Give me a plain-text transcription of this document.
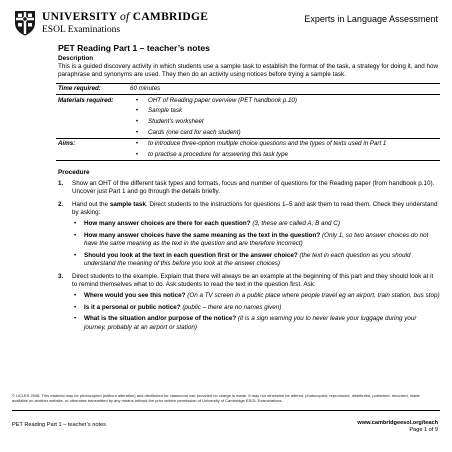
UNIVERSITY of CAMBRIDGE
ESOL Examinations
Experts in Language Assessment
PET Reading Part 1 – teacher’s notes
Description
This is a guided discovery activity in which students use a sample task to establish the format of the task, a strategy for doing it, and how paraphrase and synonyms are used. They then do an activity using notices before trying a sample task.
Time required:	60 minutes	
Materials required:	•	OHT of Reading paper overview (PET handbook p.10)
	•	Sample task
	•	Student’s worksheet
	•	Cards (one card for each student)
Aims:	•	to introduce three-option multiple choice questions and the types of texts used in Part 1
	•	to practise a procedure for answering this task type
Procedure
1. Show an OHT of the different task types and formats, focus and number of questions for the Reading paper (from handbook p.10). Uncover just Part 1 and go through the details briefly.
2. Hand out the sample task. Direct students to the instructions for questions 1–5 and ask them to read them. Check they understand by asking:
• How many answer choices are there for each question? (3, these are called A, B and C)
• How many answer choices have the same meaning as the text in the question? (Only 1, so two answer choices do not have the same meaning as the text in the question and are therefore incorrect)
• Should you look at the text in each question first or the answer choice? (the text in each question as you should understand the meaning of this before you look at the answer choices)
3. Direct students to the example. Explain that there will always be an example at the beginning of this part and they should look at it to remind themselves what to do. Ask students to read the text in the question first. Ask:
• Where would you see this notice? (On a TV screen in a public place where people travel eg an airport, train station, bus stop)
• Is it a personal or public notice? (public – there are no names given)
• What is the situation and/or purpose of the notice? (it is a sign warning you to never leave your luggage during your journey, probably at an airport or station)
© UCLES 2008. This material may be photocopied (without alteration) and distributed for classroom use provided no charge is made. It may not otherwise be altered, photocopied, reproduced, distributed, published, recorded, made available on another website, or otherwise transmitted by any means without the prior written permission of University of Cambridge ESOL Examinations.
PET Reading Part 1 – teacher’s notes	www.cambridgeesol.org/teach
Page 1 of 9
